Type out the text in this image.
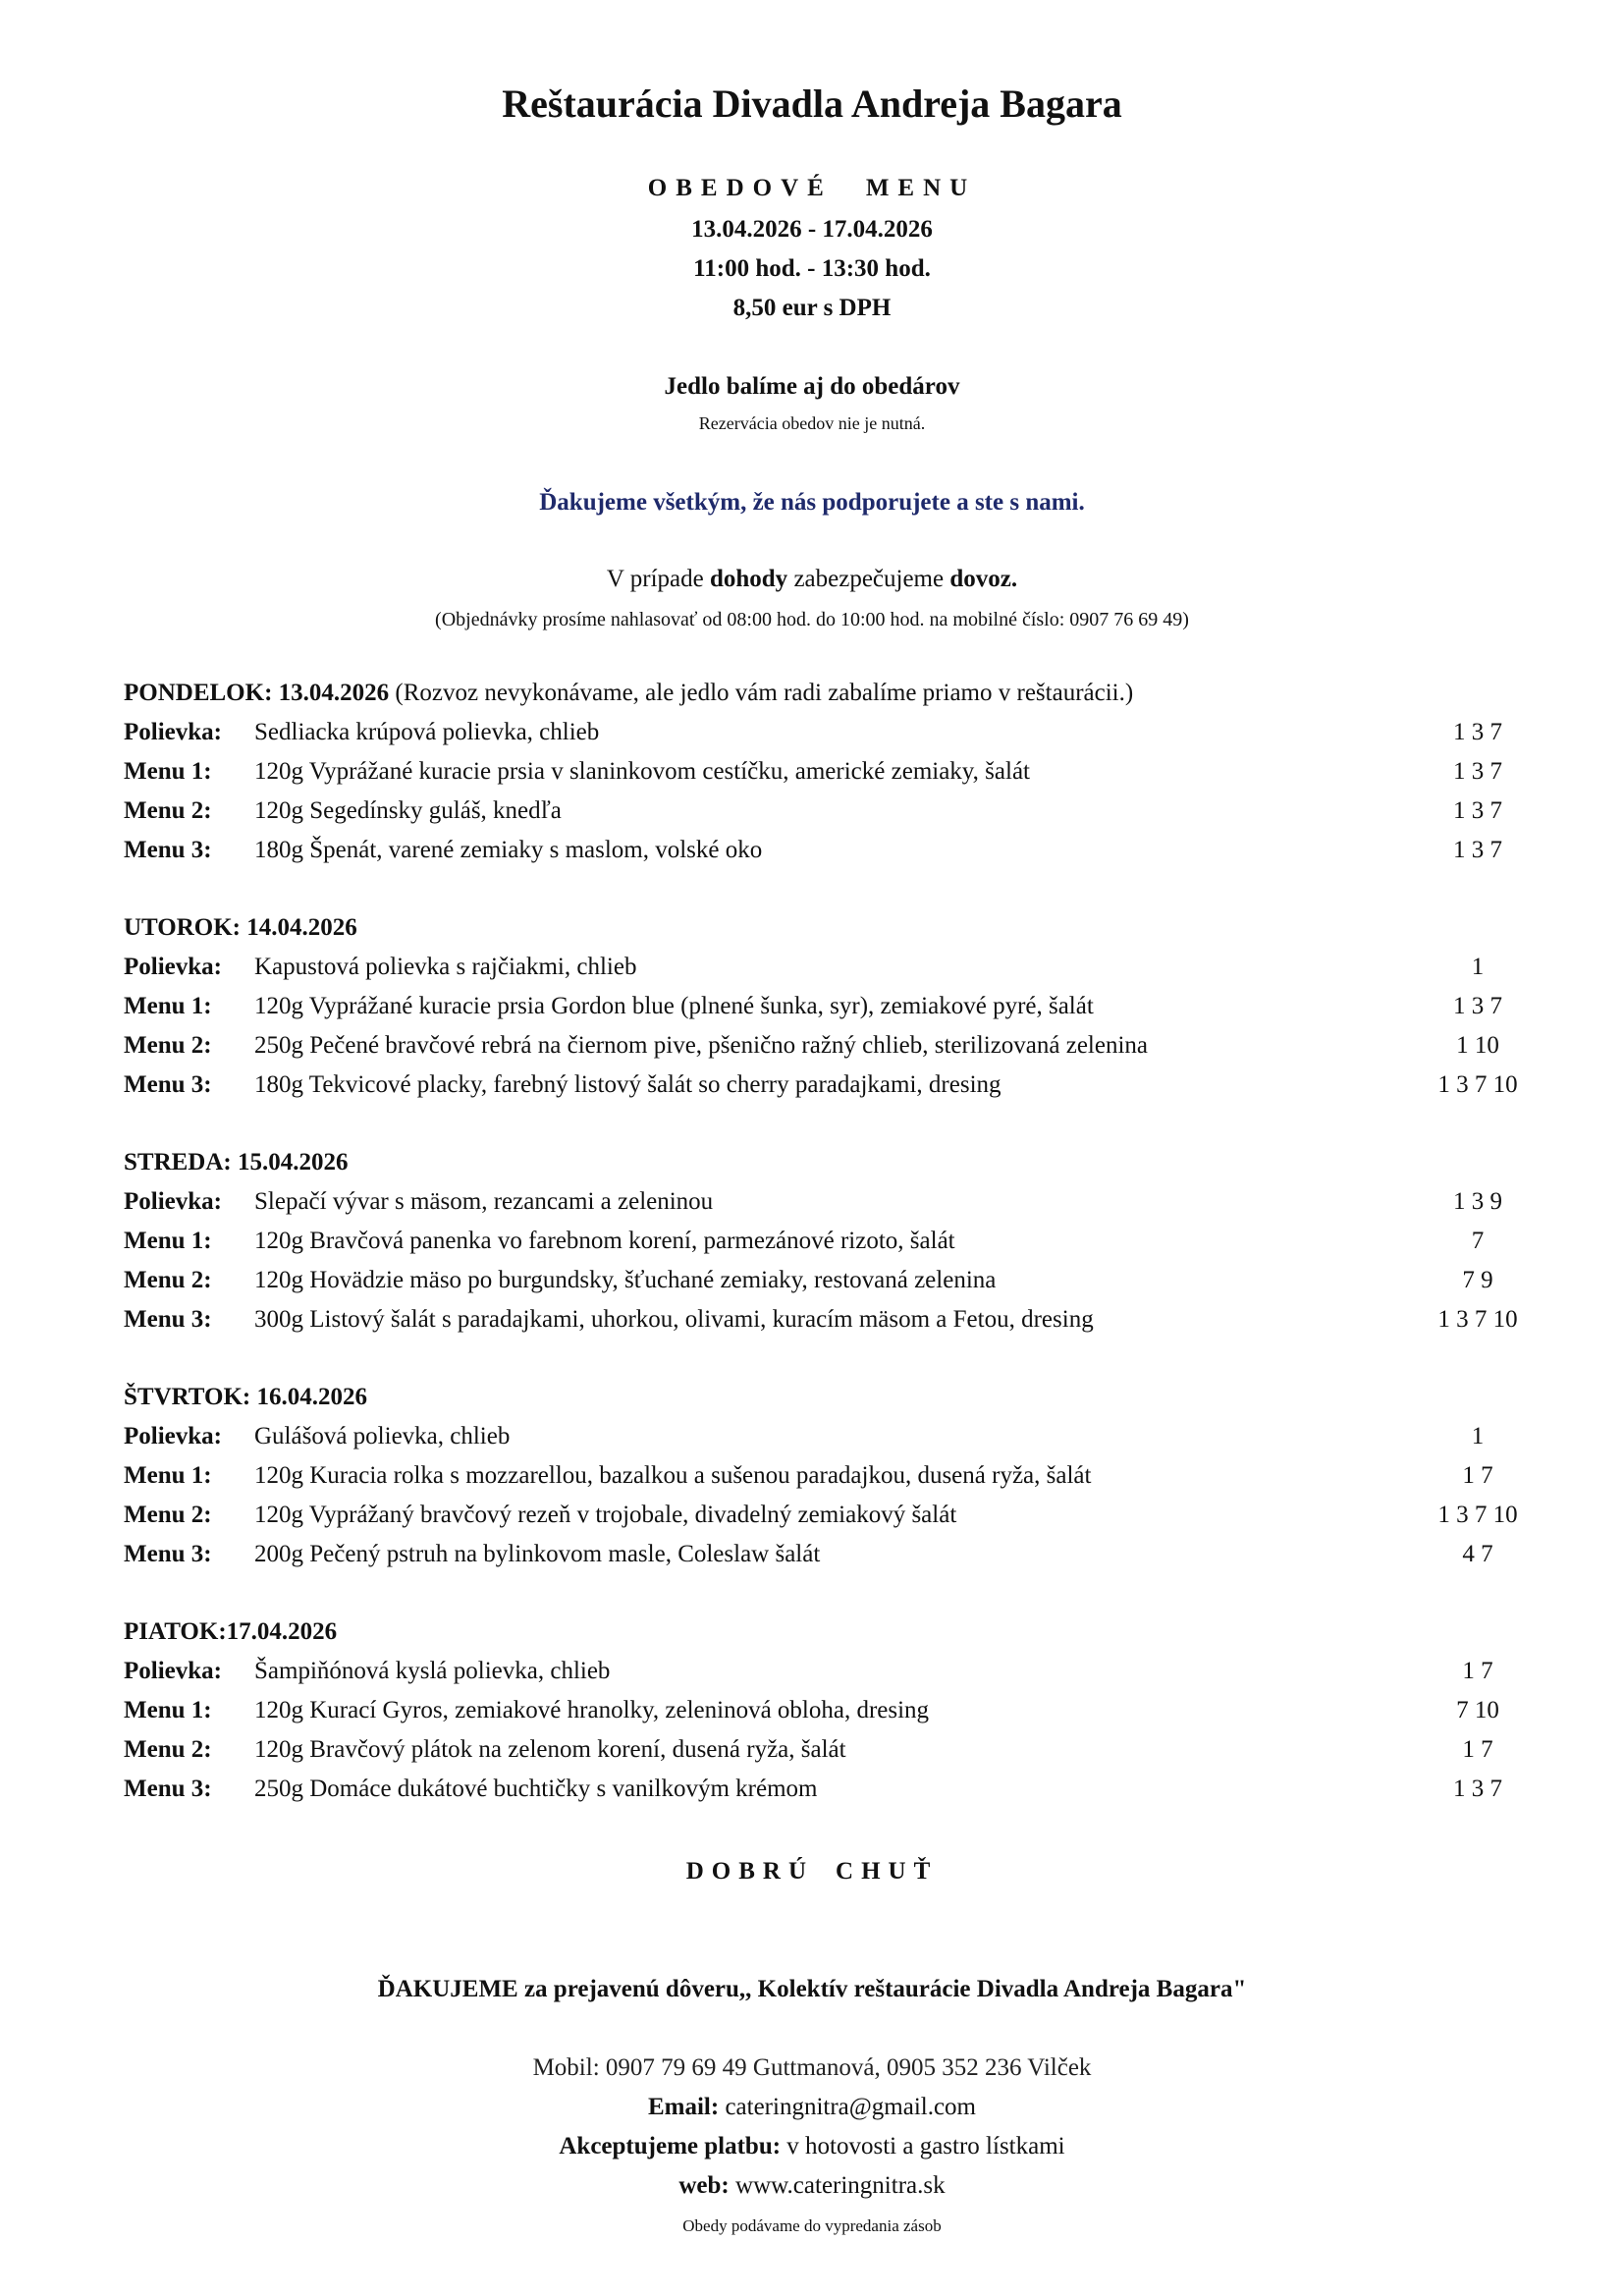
Reštaurácia Divadla Andreja Bagara
OBEDOVÉ MENU
13.04.2026 - 17.04.2026
11:00 hod. - 13:30 hod.
8,50 eur s DPH
Jedlo balíme aj do obedárov
Rezervácia obedov nie je nutná.
Ďakujeme všetkým, že nás podporujete a ste s nami.
V prípade dohody zabezpečujeme dovoz.
(Objednávky prosíme nahlasovať od 08:00 hod. do 10:00 hod. na mobilné číslo: 0907 76 69 49)
PONDELOK: 13.04.2026 (Rozvoz nevykonávame, ale jedlo vám radi zabalíme priamo v reštaurácii.)
Polievka: Sedliacka krúpová polievka, chlieb	1 3 7
Menu 1: 120g Vyprážané kuracie prsia v slaninkovom cestíčku, americké zemiaky, šalát	1 3 7
Menu 2: 120g Segedínsky guláš, knedľa	1 3 7
Menu 3: 180g Špenát, varené zemiaky s maslom, volské oko	1 3 7
UTOROK: 14.04.2026
Polievka: Kapustová polievka s rajčiakmi, chlieb	1
Menu 1: 120g Vyprážané kuracie prsia Gordon blue (plnené šunka, syr), zemiakové pyré, šalát	1 3 7
Menu 2: 250g Pečené bravčové rebrá na čiernom pive, pšenično ražný chlieb, sterilizovaná zelenina	1 10
Menu 3: 180g Tekvicové placky, farebný listový šalát so cherry paradajkami, dresing	1 3 7 10
STREDA: 15.04.2026
Polievka: Slepačí vývar s mäsom, rezancami a zeleninou	1 3 9
Menu 1: 120g Bravčová panenka vo farebnom korení, parmezánové rizoto, šalát	7
Menu 2: 120g Hovädzie mäso po burgundsky, šťuchané zemiaky, restovaná zelenina	7 9
Menu 3: 300g Listový šalát s paradajkami, uhorkou, olivami, kuracím mäsom a Fetou, dresing	1 3 7 10
ŠTVRTOK: 16.04.2026
Polievka: Gulášová polievka, chlieb	1
Menu 1: 120g Kuracia rolka s mozzarellou, bazalkou a sušenou paradajkou, dusená ryža, šalát	1 7
Menu 2: 120g Vyprážaný bravčový rezeň v trojobale, divadelný zemiakový šalát	1 3 7 10
Menu 3: 200g Pečený pstruh na bylinkovom masle, Coleslaw šalát	4 7
PIATOK:17.04.2026
Polievka: Šampiňónová kyslá polievka, chlieb	1 7
Menu 1: 120g Kurací Gyros, zemiakové hranolky, zeleninová obloha, dresing	7 10
Menu 2: 120g Bravčový plátok na zelenom korení, dusená ryža, šalát	1 7
Menu 3: 250g Domáce dukátové buchtičky s vanilkovým krémom	1 3 7
DOBRÚ CHUŤ
ĎAKUJEME za prejavenú dôveru,, Kolektív reštaurácie Divadla Andreja Bagara"
Mobil: 0907 79 69 49 Guttmanová, 0905 352 236 Vilček
Email: cateringnitra@gmail.com
Akceptujeme platbu: v hotovosti a gastro lístkami
web: www.cateringnitra.sk
Obedy podávame do vypredania zásob
